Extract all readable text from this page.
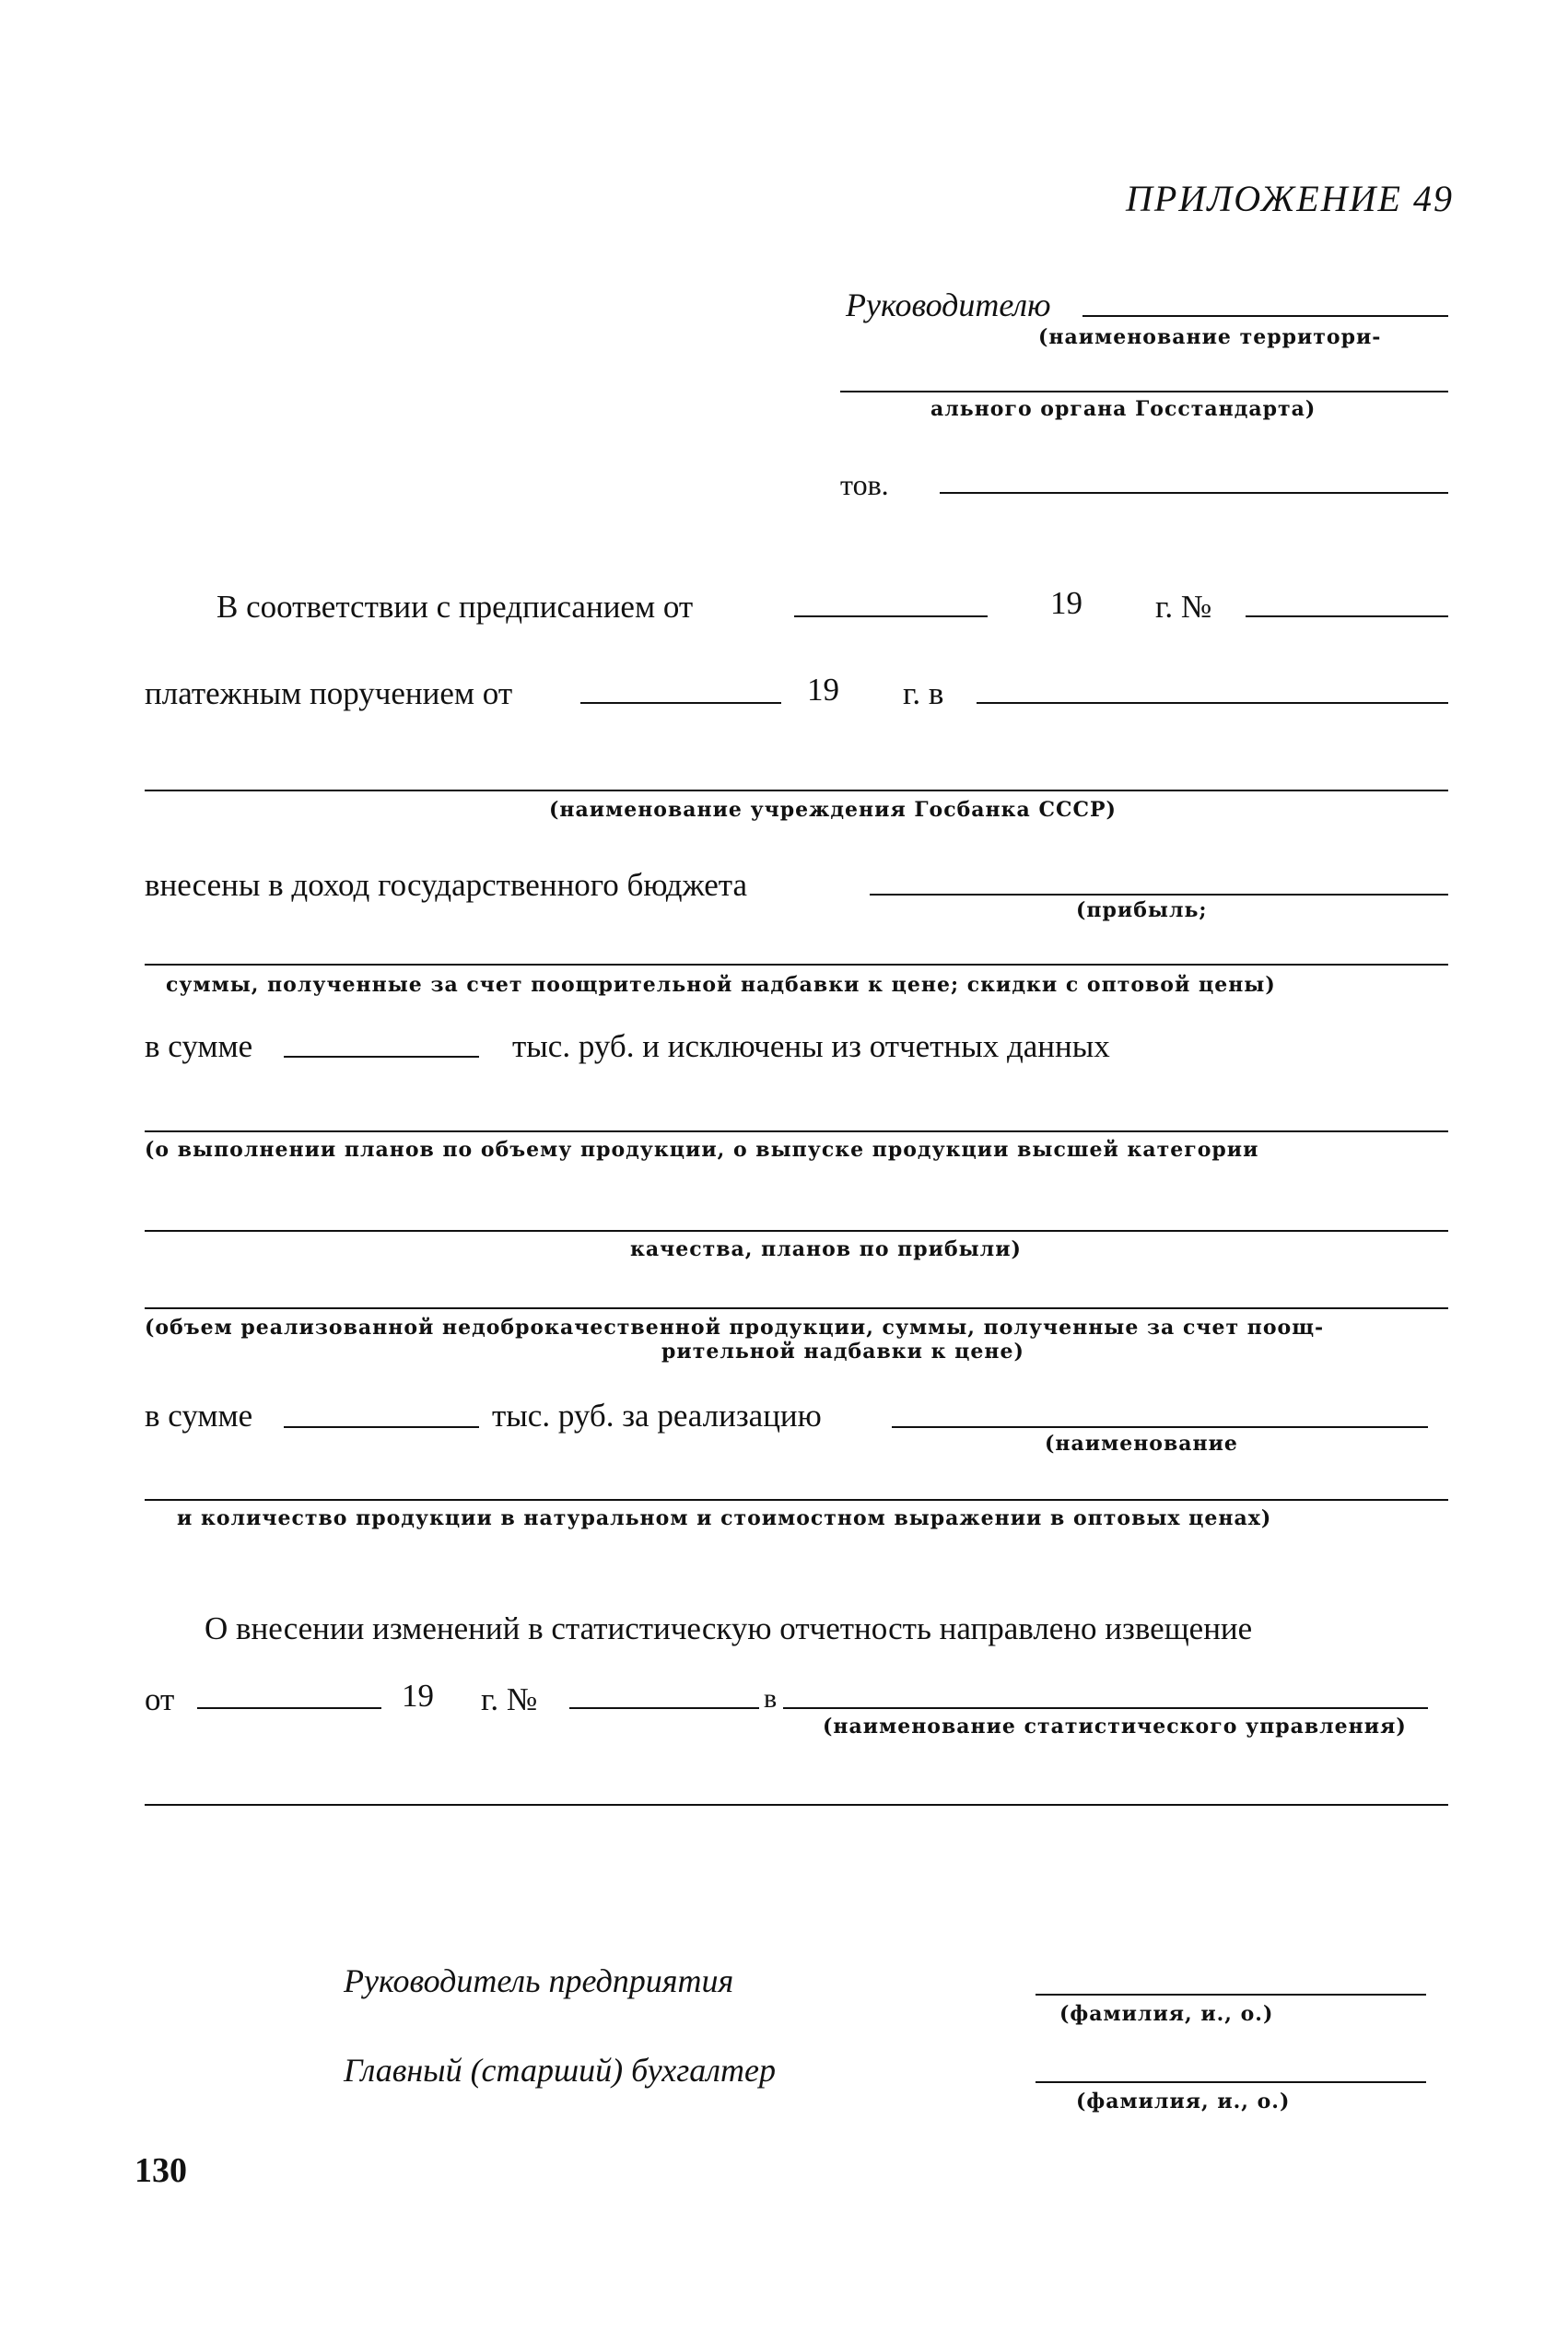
ПРИЛОЖЕНИЕ 49
Руководителю
(наименование территори-
ального органа Госстандарта)
тов.
В соответствии с предписанием от	19 г. №
платежным поручением от	19 г. в
(наименование учреждения Госбанка СССР)
внесены в доход государственного бюджета
(прибыль;
суммы, полученные за счет поощрительной надбавки к цене; скидки с оптовой цены)
в сумме	тыс. руб. и исключены из отчетных данных
(о выполнении планов по объему продукции, о выпуске продукции высшей категории
качества, планов по прибыли)
(объем реализованной недоброкачественной продукции, суммы, полученные за счет поощ-
рительной надбавки к цене)
в сумме	тыс. руб. за реализацию
(наименование
и количество продукции в натуральном и стоимостном выражении в оптовых ценах)
О внесении изменений в статистическую отчетность направлено извещение
от	19 г. №	в
(наименование статистического управления)
Руководитель предприятия
(фамилия, и., о.)
Главный (старший) бухгалтер
(фамилия, и., о.)
130
